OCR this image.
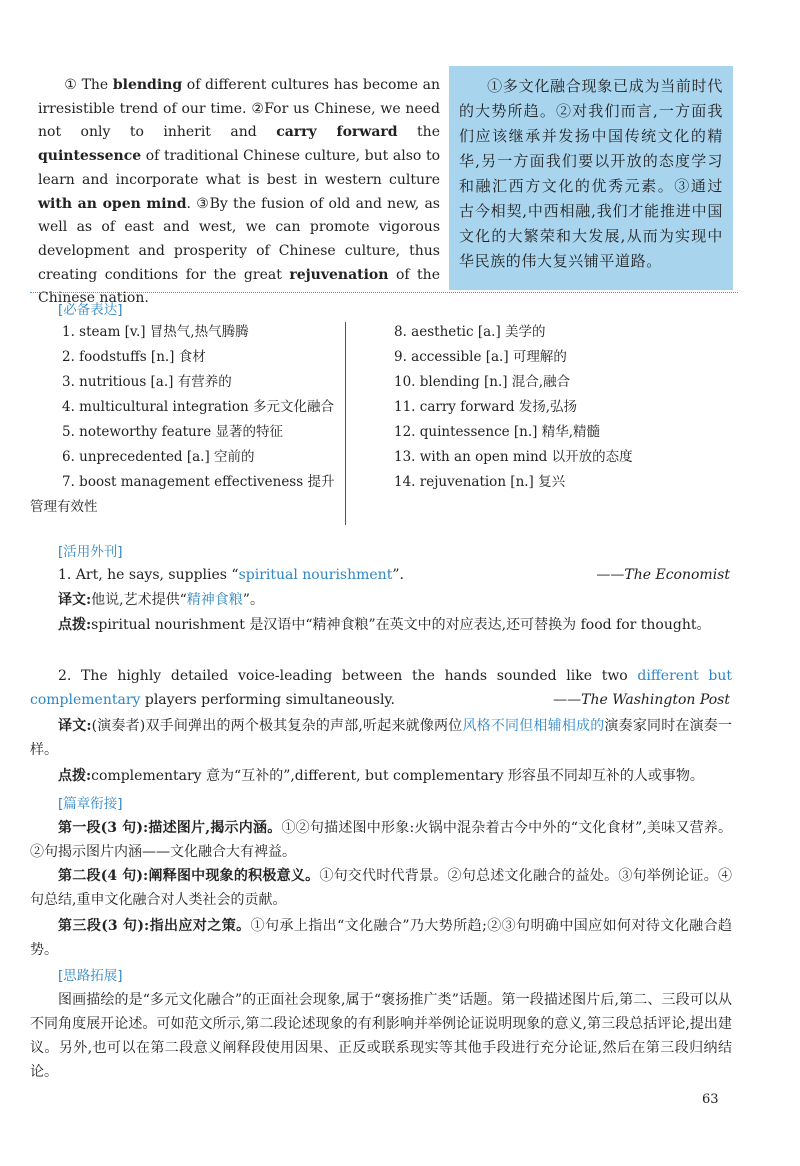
① The blending of different cultures has become an irresistible trend of our time. ②For us Chinese, we need not only to inherit and carry forward the quintessence of traditional Chinese culture, but also to learn and incorporate what is best in western culture with an open mind. ③By the fusion of old and new, as well as of east and west, we can promote vigorous development and prosperity of Chinese culture, thus creating conditions for the great rejuvenation of the Chinese nation.

①多文化融合现象已成为当前时代的大势所趋。②对我们而言,一方面我们应该继承并发扬中国传统文化的精华,另一方面我们要以开放的态度学习和融汇西方文化的优秀元素。③通过古今相契,中西相融,我们才能推进中国文化的大繁荣和大发展,从而为实现中华民族的伟大复兴铺平道路。
[必备表达]
1. steam [v.] 冒热气,热气腾腾
2. foodstuffs [n.] 食材
3. nutritious [a.] 有营养的
4. multicultural integration 多元文化融合
5. noteworthy feature 显著的特征
6. unprecedented [a.] 空前的
7. boost management effectiveness 提升
管理有效性
8. aesthetic [a.] 美学的
9. accessible [a.] 可理解的
10. blending [n.] 混合,融合
11. carry forward 发扬,弘扬
12. quintessence [n.] 精华,精髓
13. with an open mind 以开放的态度
14. rejuvenation [n.] 复兴
[活用外刊]
1. Art, he says, supplies “spiritual nourishment”.	——The Economist
译文:他说,艺术提供“精神食粮”。
点拨:spiritual nourishment 是汉语中“精神食粮”在英文中的对应表达,还可替换为 food for thought。
2. The highly detailed voice-leading between the hands sounded like two different but complementary players performing simultaneously.	——The Washington Post
译文:(演奏者)双手间弹出的两个极其复杂的声部,听起来就像两位风格不同但相辅相成的演奏家同时在演奏一样。
点拨:complementary 意为“互补的”,different, but complementary 形容虽不同却互补的人或事物。
[篇章衔接]
第一段(3 句):描述图片,揭示内涵。①②句描述图中形象:火锅中混杂着古今中外的“文化食材”,美味又营养。②句揭示图片内涵——文化融合大有裨益。
第二段(4 句):阐释图中现象的积极意义。①句交代时代背景。②句总述文化融合的益处。③句举例论证。④句总结,重申文化融合对人类社会的贡献。
第三段(3 句):指出应对之策。①句承上指出“文化融合”乃大势所趋;②③句明确中国应如何对待文化融合趋势。
[思路拓展]
图画描绘的是“多元文化融合”的正面社会现象,属于“褒扬推广类”话题。第一段描述图片后,第二、三段可以从不同角度展开论述。可如范文所示,第二段论述现象的有利影响并举例论证说明现象的意义,第三段总括评论,提出建议。另外,也可以在第二段意义阐释段使用因果、正反或联系现实等其他手段进行充分论证,然后在第三段归纳结论。
63
